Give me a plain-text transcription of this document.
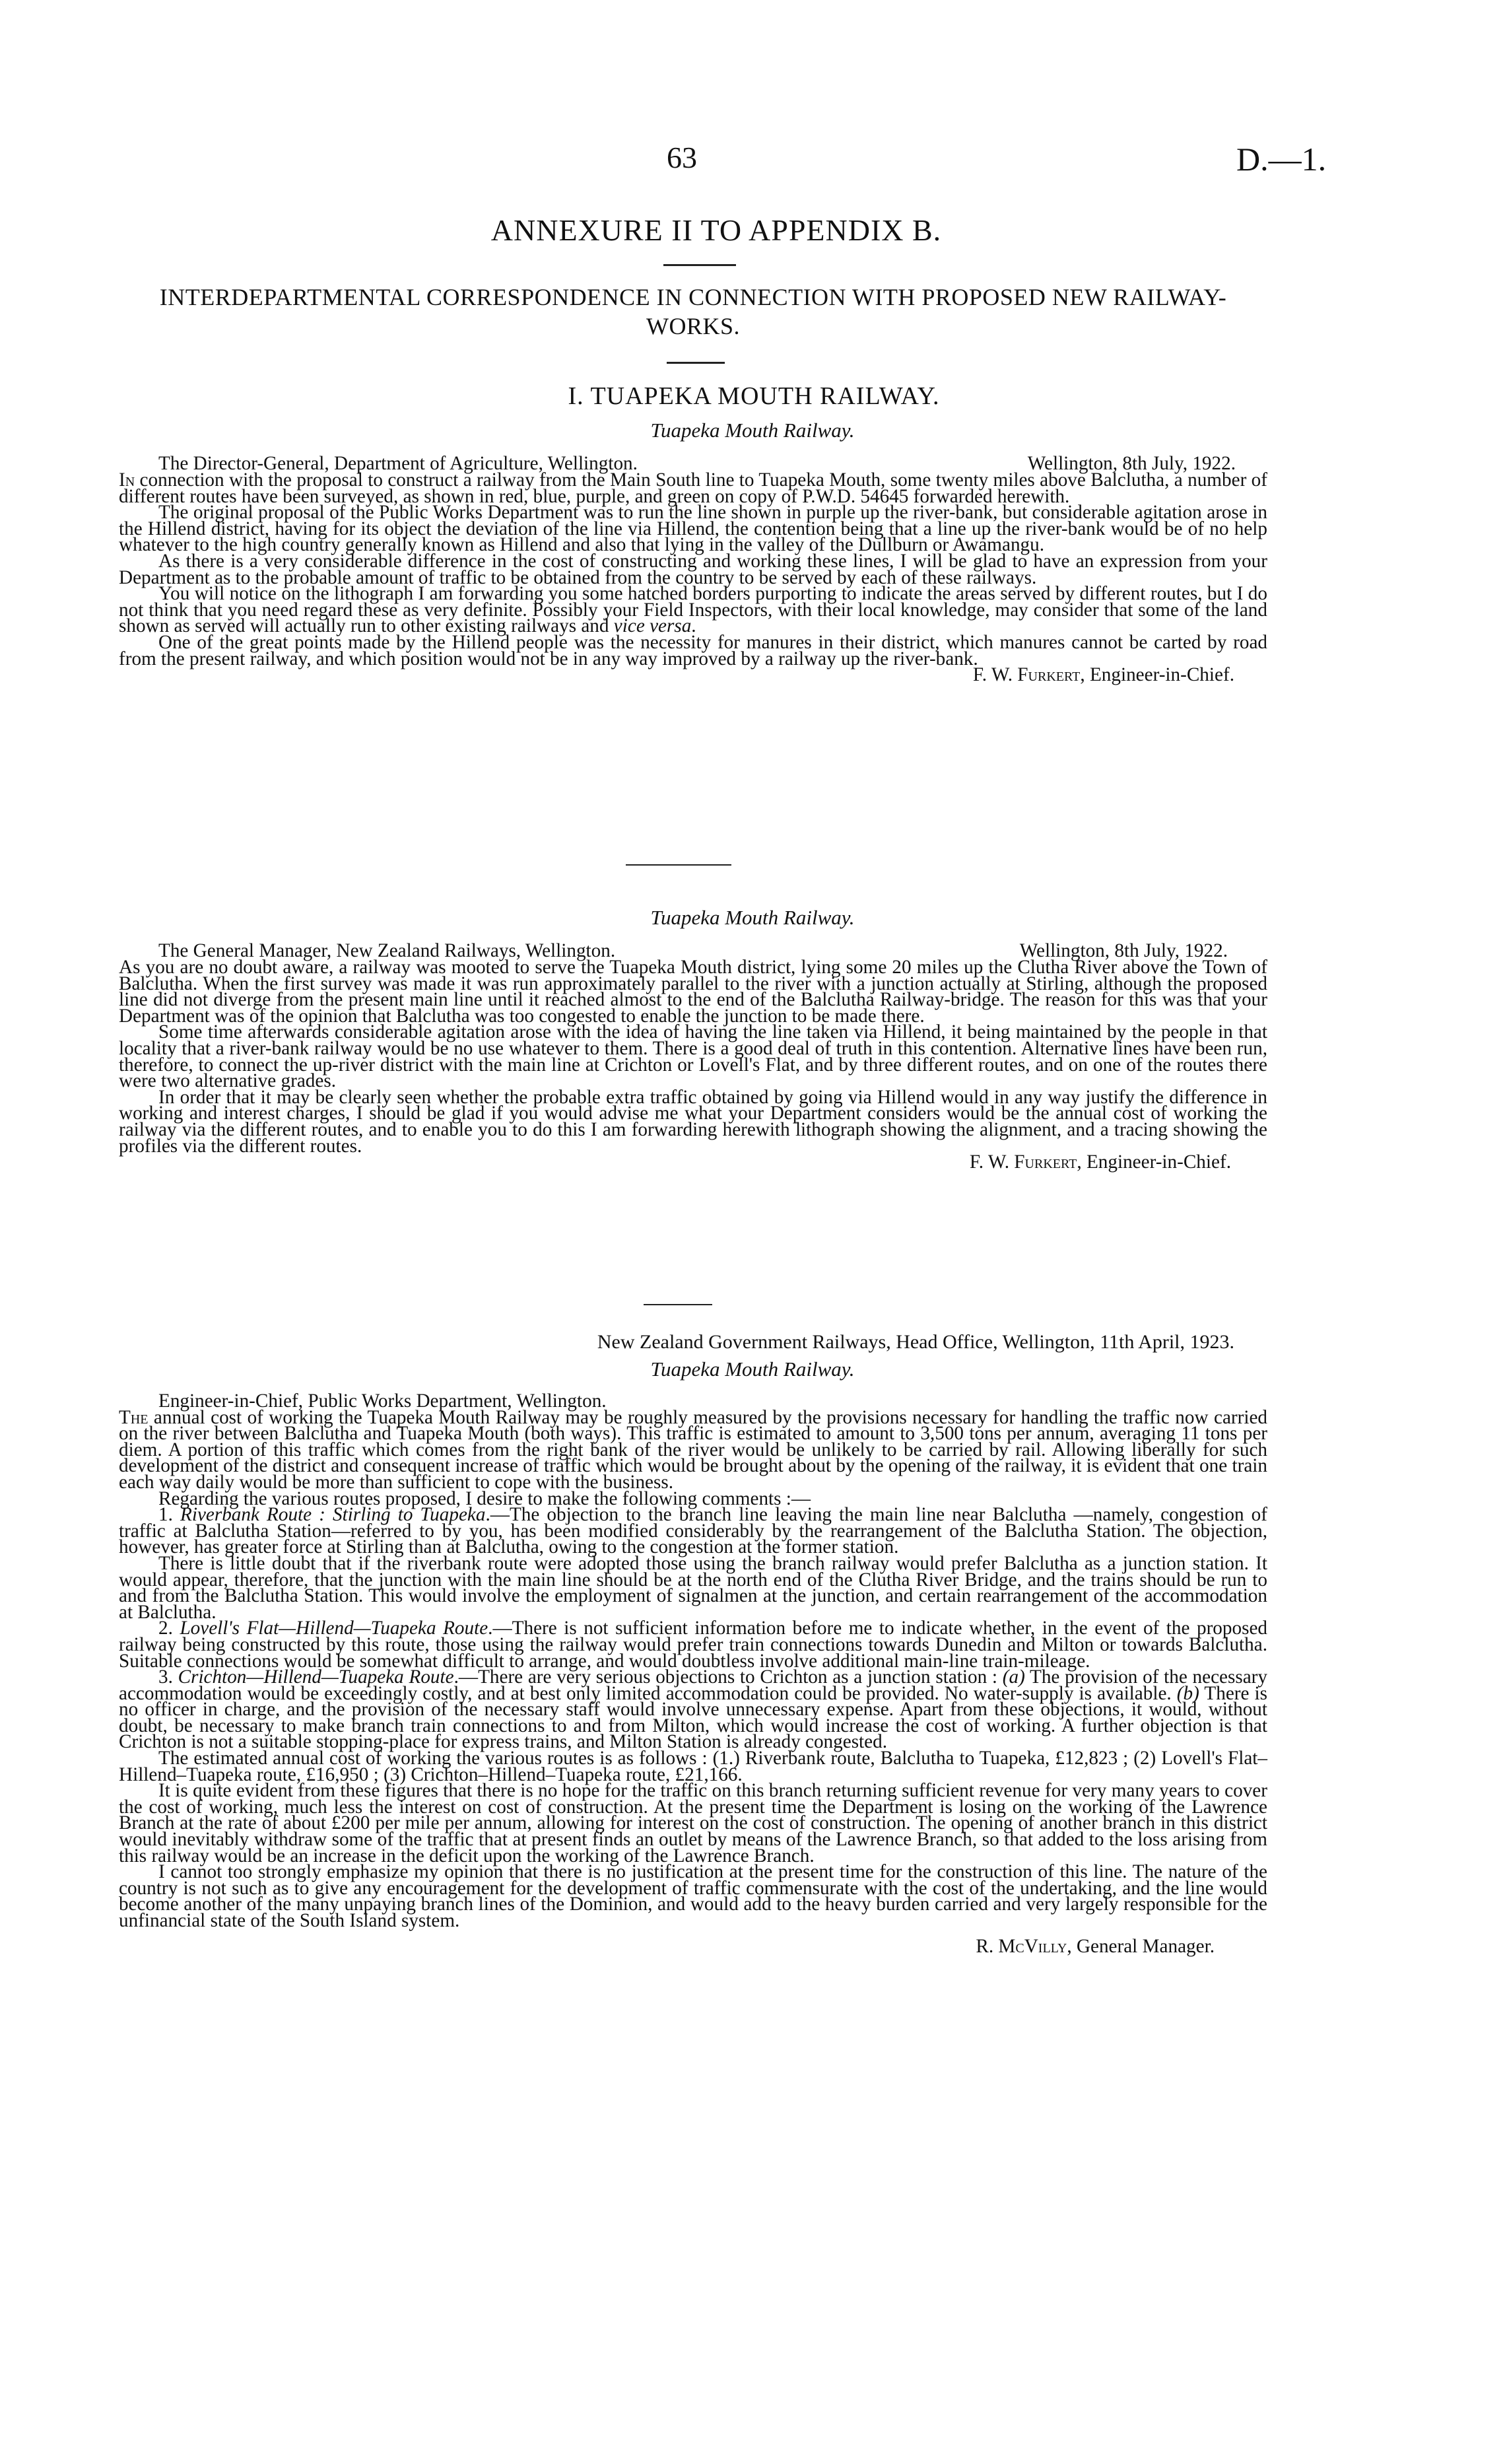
63	D.—1.
ANNEXURE II TO APPENDIX B.
INTERDEPARTMENTAL CORRESPONDENCE IN CONNECTION WITH PROPOSED NEW RAILWAY-WORKS.
I. TUAPEKA MOUTH RAILWAY.
Tuapeka Mouth Railway.
The Director-General, Department of Agriculture, Wellington.	Wellington, 8th July, 1922.

In connection with the proposal to construct a railway from the Main South line to Tuapeka Mouth, some twenty miles above Balclutha, a number of different routes have been surveyed, as shown in red, blue, purple, and green on copy of P.W.D. 54645 forwarded herewith.

The original proposal of the Public Works Department was to run the line shown in purple up the river-bank, but considerable agitation arose in the Hillend district, having for its object the deviation of the line via Hillend, the contention being that a line up the river-bank would be of no help whatever to the high country generally known as Hillend and also that lying in the valley of the Dullburn or Awamangu.

As there is a very considerable difference in the cost of constructing and working these lines, I will be glad to have an expression from your Department as to the probable amount of traffic to be obtained from the country to be served by each of these railways.

You will notice on the lithograph I am forwarding you some hatched borders purporting to indicate the areas served by different routes, but I do not think that you need regard these as very definite. Possibly your Field Inspectors, with their local knowledge, may consider that some of the land shown as served will actually run to other existing railways and vice versa.

One of the great points made by the Hillend people was the necessity for manures in their district, which manures cannot be carted by road from the present railway, and which position would not be in any way improved by a railway up the river-bank.

F. W. Furkert, Engineer-in-Chief.

Tuapeka Mouth Railway.
The General Manager, New Zealand Railways, Wellington.	Wellington, 8th July, 1922.

As you are no doubt aware, a railway was mooted to serve the Tuapeka Mouth district, lying some 20 miles up the Clutha River above the Town of Balclutha. When the first survey was made it was run approximately parallel to the river with a junction actually at Stirling, although the proposed line did not diverge from the present main line until it reached almost to the end of the Balclutha Railway-bridge. The reason for this was that your Department was of the opinion that Balclutha was too congested to enable the junction to be made there.

Some time afterwards considerable agitation arose with the idea of having the line taken via Hillend, it being maintained by the people in that locality that a river-bank railway would be no use whatever to them. There is a good deal of truth in this contention. Alternative lines have been run, therefore, to connect the up-river district with the main line at Crichton or Lovell's Flat, and by three different routes, and on one of the routes there were two alternative grades.

In order that it may be clearly seen whether the probable extra traffic obtained by going via Hillend would in any way justify the difference in working and interest charges, I should be glad if you would advise me what your Department considers would be the annual cost of working the railway via the different routes, and to enable you to do this I am forwarding herewith lithograph showing the alignment, and a tracing showing the profiles via the different routes.

F. W. Furkert, Engineer-in-Chief.

New Zealand Government Railways, Head Office, Wellington, 11th April, 1923.

Tuapeka Mouth Railway.

Engineer-in-Chief, Public Works Department, Wellington.

The annual cost of working the Tuapeka Mouth Railway may be roughly measured by the provisions necessary for handling the traffic now carried on the river between Balclutha and Tuapeka Mouth (both ways). This traffic is estimated to amount to 3,500 tons per annum, averaging 11 tons per diem. A portion of this traffic which comes from the right bank of the river would be unlikely to be carried by rail. Allowing liberally for such development of the district and consequent increase of traffic which would be brought about by the opening of the railway, it is evident that one train each way daily would be more than sufficient to cope with the business.

Regarding the various routes proposed, I desire to make the following comments :—

1. Riverbank Route : Stirling to Tuapeka.—The objection to the branch line leaving the main line near Balclutha —namely, congestion of traffic at Balclutha Station—referred to by you, has been modified considerably by the rearrangement of the Balclutha Station. The objection, however, has greater force at Stirling than at Balclutha, owing to the congestion at the former station.

There is little doubt that if the riverbank route were adopted those using the branch railway would prefer Balclutha as a junction station. It would appear, therefore, that the junction with the main line should be at the north end of the Clutha River Bridge, and the trains should be run to and from the Balclutha Station. This would involve the employment of signalmen at the junction, and certain rearrangement of the accommodation at Balclutha.

2. Lovell's Flat—Hillend—Tuapeka Route.—There is not sufficient information before me to indicate whether, in the event of the proposed railway being constructed by this route, those using the railway would prefer train connections towards Dunedin and Milton or towards Balclutha. Suitable connections would be somewhat difficult to arrange, and would doubtless involve additional main-line train-mileage.

3. Crichton—Hillend—Tuapeka Route.—There are very serious objections to Crichton as a junction station : (a) The provision of the necessary accommodation would be exceedingly costly, and at best only limited accommodation could be provided. No water-supply is available. (b) There is no officer in charge, and the provision of the necessary staff would involve unnecessary expense. Apart from these objections, it would, without doubt, be necessary to make branch train connections to and from Milton, which would increase the cost of working. A further objection is that Crichton is not a suitable stopping-place for express trains, and Milton Station is already congested.

The estimated annual cost of working the various routes is as follows : (1.) Riverbank route, Balclutha to Tuapeka, £12,823 ; (2) Lovell's Flat–Hillend–Tuapeka route, £16,950 ; (3) Crichton–Hillend–Tuapeka route, £21,166.

It is quite evident from these figures that there is no hope for the traffic on this branch returning sufficient revenue for very many years to cover the cost of working, much less the interest on cost of construction. At the present time the Department is losing on the working of the Lawrence Branch at the rate of about £200 per mile per annum, allowing for interest on the cost of construction. The opening of another branch in this district would inevitably withdraw some of the traffic that at present finds an outlet by means of the Lawrence Branch, so that added to the loss arising from this railway would be an increase in the deficit upon the working of the Lawrence Branch.

I cannot too strongly emphasize my opinion that there is no justification at the present time for the construction of this line. The nature of the country is not such as to give any encouragement for the development of traffic commensurate with the cost of the undertaking, and the line would become another of the many unpaying branch lines of the Dominion, and would add to the heavy burden carried and very largely responsible for the unfinancial state of the South Island system.

R. McVilly, General Manager.
